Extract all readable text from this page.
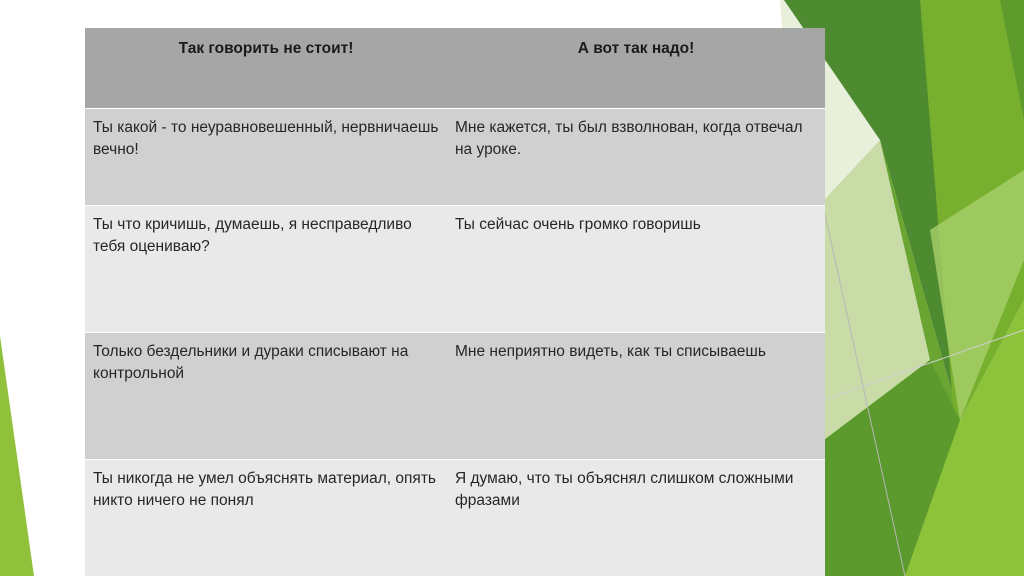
Так говорить не стоит!	А вот так надо!

Ты какой - то неуравновешенный, нервничаешь вечно!	Мне кажется, ты был взволнован, когда отвечал на уроке.

Ты что кричишь, думаешь, я несправедливо тебя оцениваю?	Ты сейчас очень громко говоришь

Только бездельники и дураки списывают на контрольной	Мне неприятно видеть, как ты списываешь

Ты никогда не умел объяснять материал, опять никто ничего не понял	Я думаю, что ты объяснял слишком сложными фразами
